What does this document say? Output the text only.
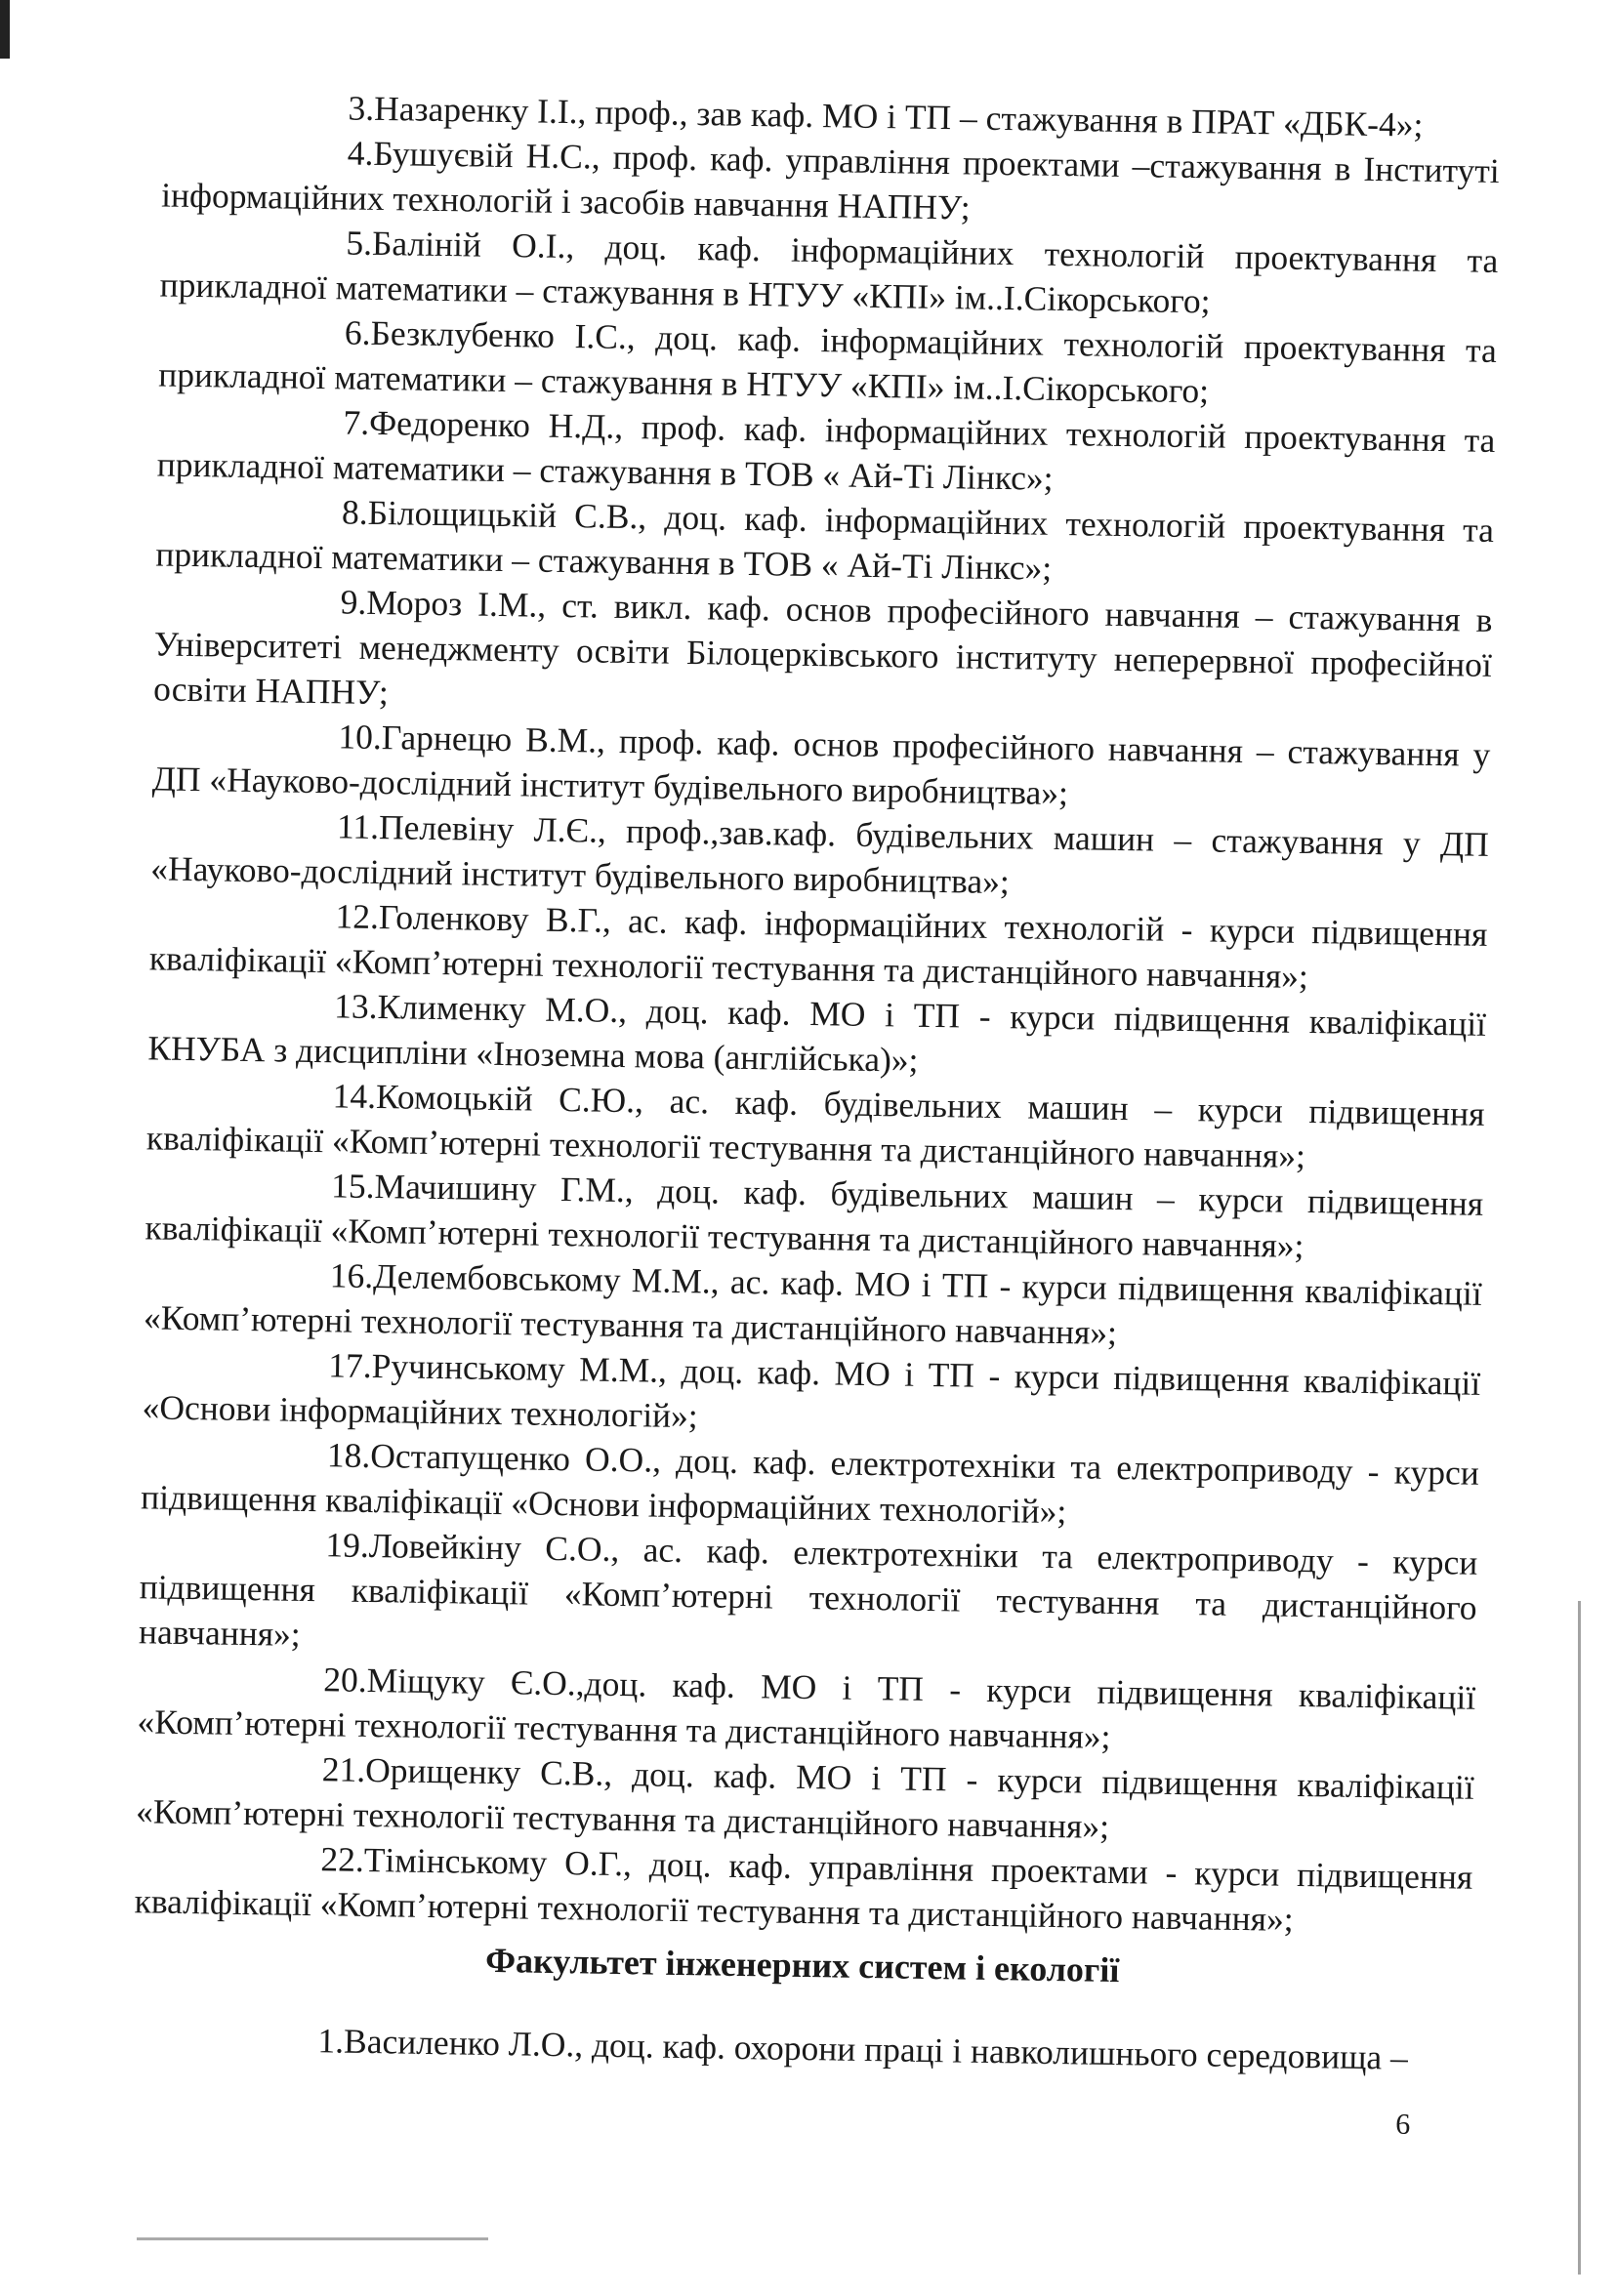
3.Назаренку І.І., проф., зав каф. МО і ТП – стажування в ПРАТ «ДБК-4»;

4.Бушуєвій Н.С., проф. каф. управління проектами –стажування в Інституті інформаційних технологій і засобів навчання НАПНУ;

5.Баліній О.І., доц. каф. інформаційних технологій проектування та прикладної математики – стажування в НТУУ «КПІ» ім..І.Сікорського;

6.Безклубенко І.С., доц. каф. інформаційних технологій проектування та прикладної математики – стажування в НТУУ «КПІ» ім..І.Сікорського;

7.Федоренко Н.Д., проф. каф. інформаційних технологій проектування та прикладної математики – стажування в ТОВ « Ай-Ті Лінкс»;

8.Білощицькій С.В., доц. каф. інформаційних технологій проектування та прикладної математики – стажування в ТОВ « Ай-Ті Лінкс»;

9.Мороз І.М., ст. викл. каф. основ професійного навчання – стажування в Університеті менеджменту освіти Білоцерківського інституту неперервної професійної освіти НАПНУ;

10.Гарнецю В.М., проф. каф. основ професійного навчання – стажування у ДП «Науково-дослідний інститут будівельного виробництва»;

11.Пелевіну Л.Є., проф.,зав.каф. будівельних машин – стажування у ДП «Науково-дослідний інститут будівельного виробництва»;

12.Голенкову В.Г., ас. каф. інформаційних технологій - курси підвищення кваліфікації «Комп’ютерні технології тестування та дистанційного навчання»;

13.Клименку М.О., доц. каф. МО і ТП - курси підвищення кваліфікації КНУБА з дисципліни «Іноземна мова (англійська)»;

14.Комоцькій С.Ю., ас. каф. будівельних машин – курси підвищення кваліфікації «Комп’ютерні технології тестування та дистанційного навчання»;

15.Мачишину Г.М., доц. каф. будівельних машин – курси підвищення кваліфікації «Комп’ютерні технології тестування та дистанційного навчання»;

16.Делембовському М.М., ас. каф. МО і ТП - курси підвищення кваліфікації «Комп’ютерні технології тестування та дистанційного навчання»;

17.Ручинському М.М., доц. каф. МО і ТП - курси підвищення кваліфікації «Основи інформаційних технологій»;

18.Остапущенко О.О., доц. каф. електротехніки та електроприводу - курси підвищення кваліфікації «Основи інформаційних технологій»;

19.Ловейкіну С.О., ас. каф. електротехніки та електроприводу - курси підвищення кваліфікації «Комп’ютерні технології тестування та дистанційного навчання»;

20.Міщуку Є.О.,доц. каф. МО і ТП - курси підвищення кваліфікації «Комп’ютерні технології тестування та дистанційного навчання»;

21.Орищенку С.В., доц. каф. МО і ТП - курси підвищення кваліфікації «Комп’ютерні технології тестування та дистанційного навчання»;

22.Тімінському О.Г., доц. каф. управління проектами - курси підвищення кваліфікації «Комп’ютерні технології тестування та дистанційного навчання»;

Факультет інженерних систем і екології

1.Василенко Л.О., доц. каф. охорони праці і навколишнього середовища –

6
